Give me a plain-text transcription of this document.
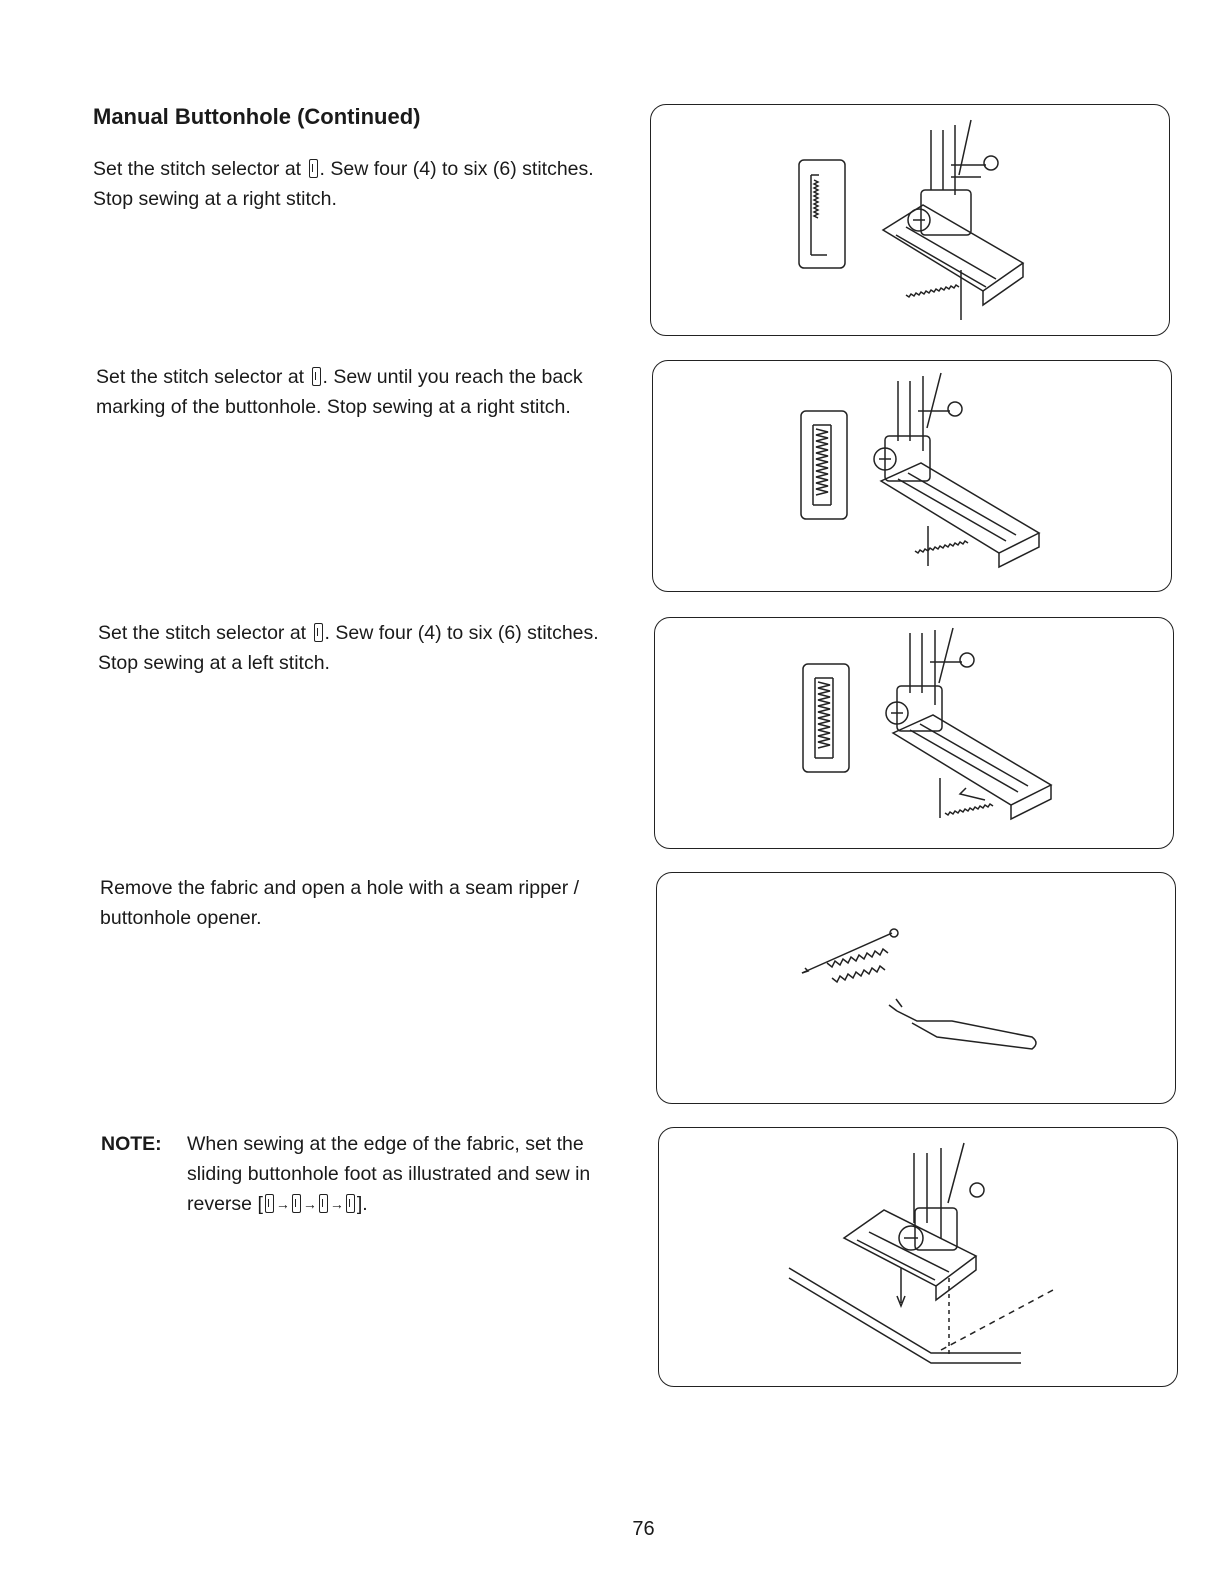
Manual Buttonhole (Continued)
Set the stitch selector at . Sew four (4) to six (6) stitches. Stop sewing at a right stitch.
Set the stitch selector at . Sew until you reach the back marking of the buttonhole. Stop sewing at a right stitch.
Set the stitch selector at . Sew four (4) to six (6) stitches. Stop sewing at a left stitch.
Remove the fabric and open a hole with a seam ripper / buttonhole opener.
NOTE: When sewing at the edge of the fabric, set the sliding buttonhole foot as illustrated and sew in reverse [ → → → ].
76
